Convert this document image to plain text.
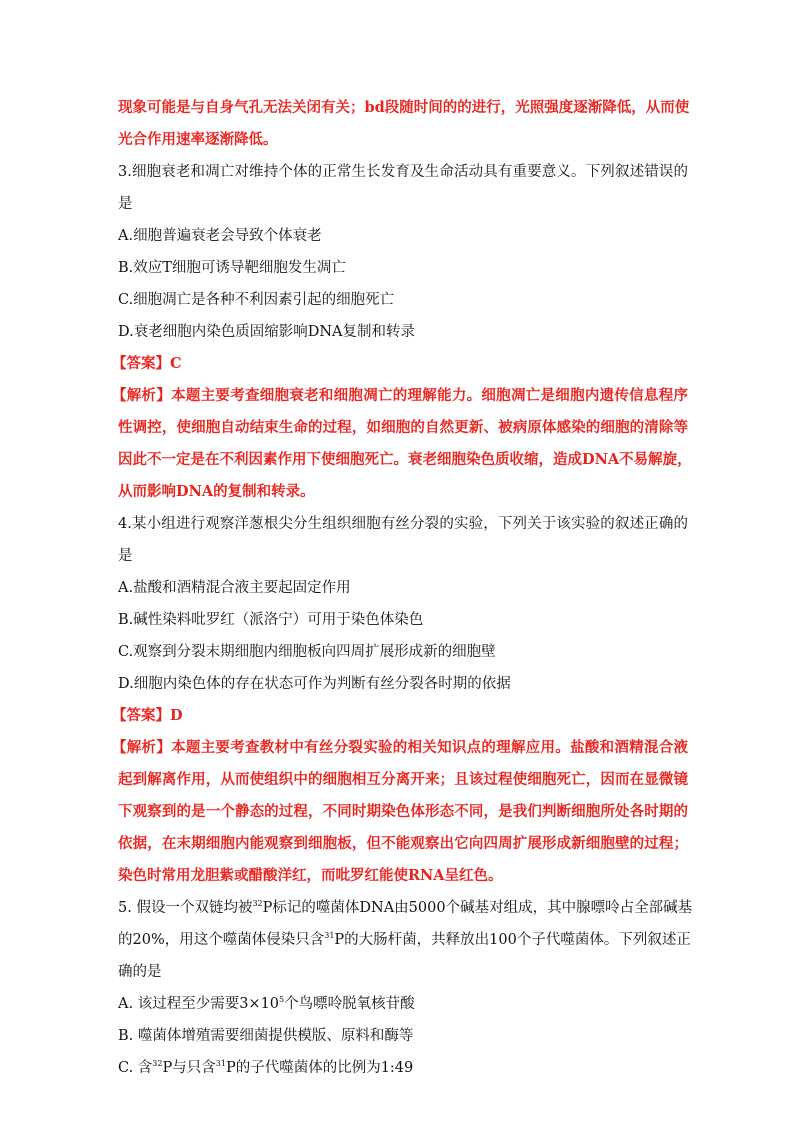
现象可能是与自身气孔无法关闭有关；bd段随时间的的进行，光照强度逐渐降低，从而使
光合作用速率逐渐降低。
3.细胞衰老和凋亡对维持个体的正常生长发育及生命活动具有重要意义。下列叙述错误的
是
A.细胞普遍衰老会导致个体衰老
B.效应T细胞可诱导靶细胞发生凋亡
C.细胞凋亡是各种不利因素引起的细胞死亡
D.衰老细胞内染色质固缩影响DNA复制和转录
【答案】C
【解析】本题主要考查细胞衰老和细胞凋亡的理解能力。细胞凋亡是细胞内遗传信息程序
性调控，使细胞自动结束生命的过程，如细胞的自然更新、被病原体感染的细胞的清除等
因此不一定是在不利因素作用下使细胞死亡。衰老细胞染色质收缩，造成DNA不易解旋，
从而影响DNA的复制和转录。
4.某小组进行观察洋葱根尖分生组织细胞有丝分裂的实验，下列关于该实验的叙述正确的
是
A.盐酸和酒精混合液主要起固定作用
B.碱性染料吡罗红（派洛宁）可用于染色体染色
C.观察到分裂末期细胞内细胞板向四周扩展形成新的细胞壁
D.细胞内染色体的存在状态可作为判断有丝分裂各时期的依据
【答案】D
【解析】本题主要考查教材中有丝分裂实验的相关知识点的理解应用。盐酸和酒精混合液
起到解离作用，从而使组织中的细胞相互分离开来；且该过程使细胞死亡，因而在显微镜
下观察到的是一个静态的过程，不同时期染色体形态不同，是我们判断细胞所处各时期的
依据，在末期细胞内能观察到细胞板，但不能观察出它向四周扩展形成新细胞壁的过程；
染色时常用龙胆紫或醋酸洋红，而吡罗红能使RNA呈红色。
5. 假设一个双链均被$^{32}$P标记的噬菌体DNA由5000个碱基对组成，其中腺嘌呤占全部碱基
的20%，用这个噬菌体侵染只含$^{31}$P的大肠杆菌，共释放出100个子代噬菌体。下列叙述正
确的是
A. 该过程至少需要$3\times 10^5$个鸟嘌呤脱氧核苷酸
B. 噬菌体增殖需要细菌提供模版、原料和酶等
C. 含$^{32}$P与只含$^{31}$P的子代噬菌体的比例为1:49
